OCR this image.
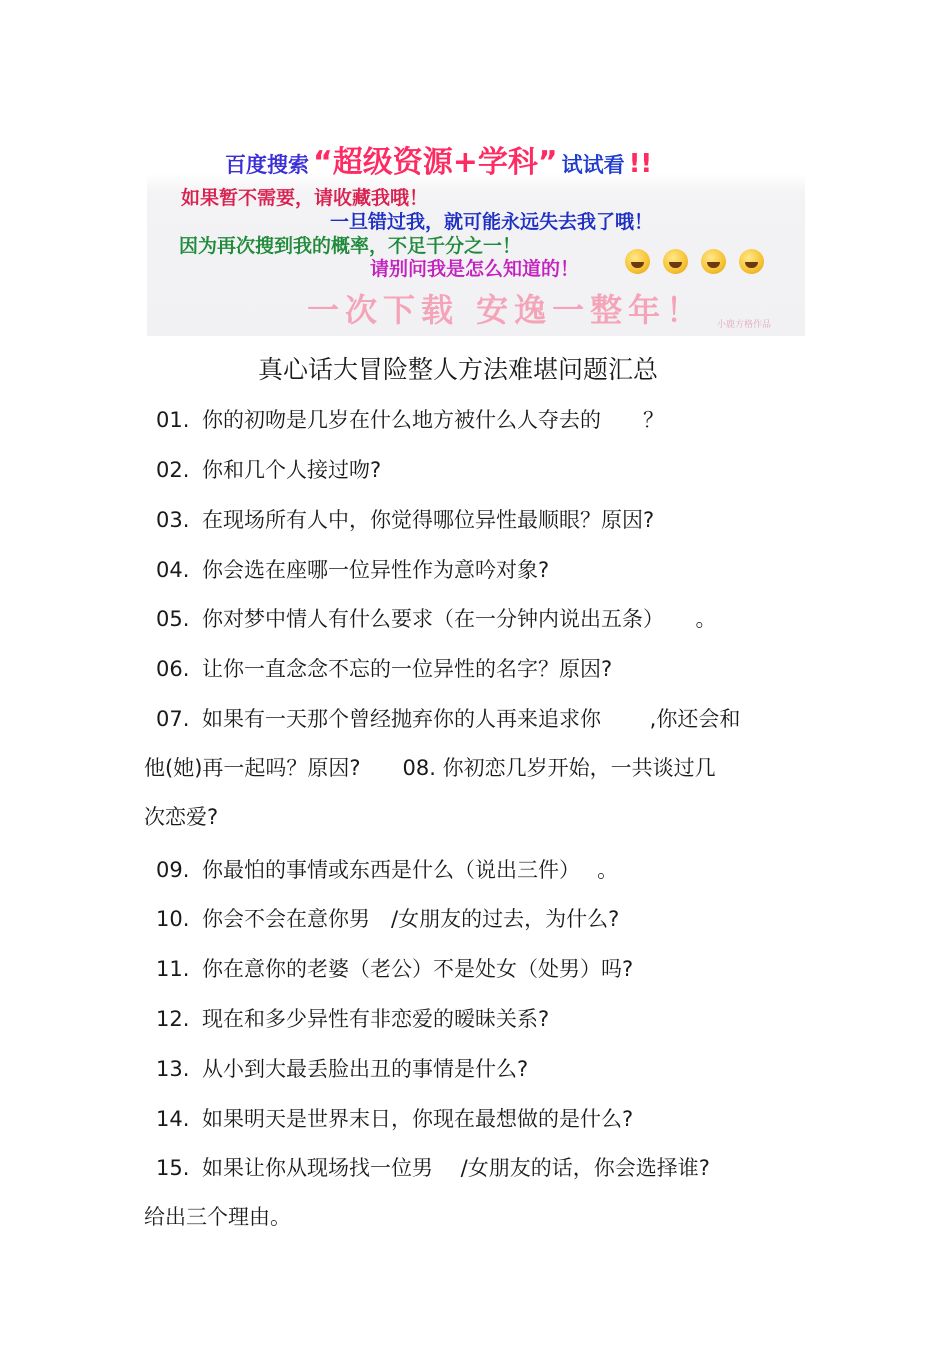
百度搜索 “超级资源+学科” 试试看 !!
如果暂不需要，请收藏我哦！
一旦错过我，就可能永远失去我了哦！
因为再次搜到我的概率，不足千分之一！
请别问我是怎么知道的！

一次下载 安逸一整年！ 小鹿方格作品
真心话大冒险整人方法难堪问题汇总
01. 你的初吻是几岁在什么地方被什么人夺去的　　？
02. 你和几个人接过吻?
03. 在现场所有人中，你觉得哪位异性最顺眼？原因?
04. 你会选在座哪一位异性作为意吟对象?
05. 你对梦中情人有什么要求（在一分钟内说出五条）　　。
06. 让你一直念念不忘的一位异性的名字？原因?
07. 如果有一天那个曾经抛弃你的人再来追求你　　 ,你还会和
他(她)再一起吗？原因?　　08. 你初恋几岁开始，一共谈过几
次恋爱?
09. 你最怕的事情或东西是什么（说出三件）　 。
10. 你会不会在意你男　/女朋友的过去，为什么?
11. 你在意你的老婆（老公）不是处女（处男）吗?
12. 现在和多少异性有非恋爱的暧昧关系?
13. 从小到大最丢脸出丑的事情是什么?
14. 如果明天是世界末日，你现在最想做的是什么?
15. 如果让你从现场找一位男　 /女朋友的话，你会选择谁?
给出三个理由。
